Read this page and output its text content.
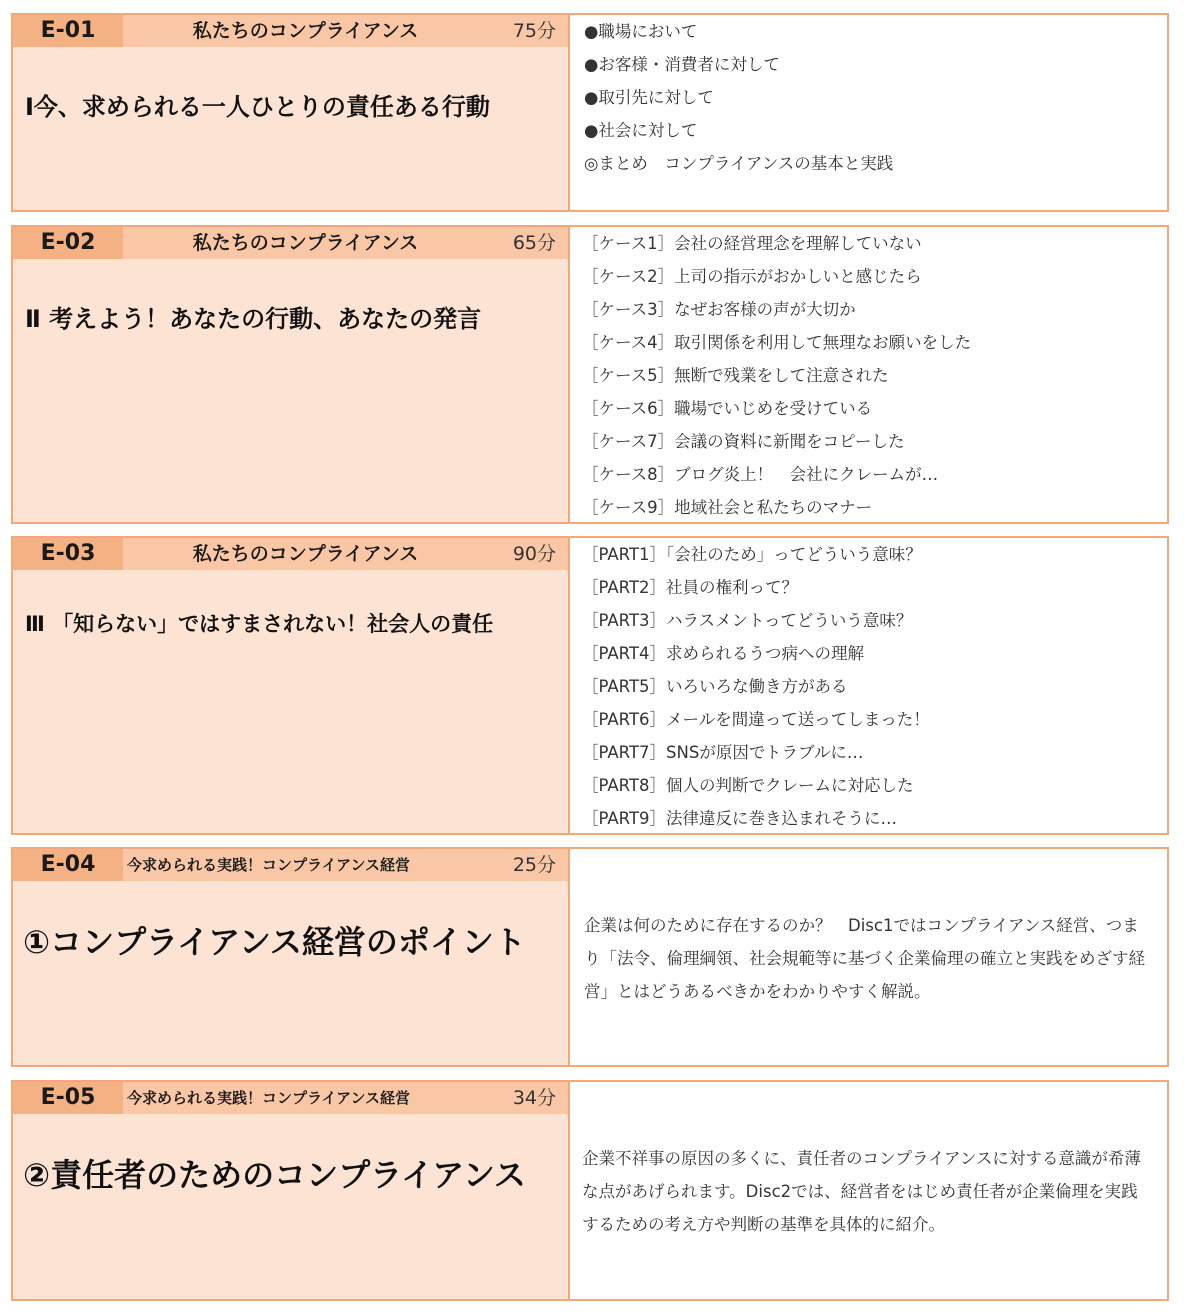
E-01	私たちのコンプライアンス	75分
Ⅰ今、求められる一人ひとりの責任ある行動
●職場において
●お客様・消費者に対して
●取引先に対して
●社会に対して
◎まとめ　コンプライアンスの基本と実践
E-02	私たちのコンプライアンス	65分
Ⅱ 考えよう！あなたの行動、あなたの発言
［ケース1］会社の経営理念を理解していない
［ケース2］上司の指示がおかしいと感じたら
［ケース3］なぜお客様の声が大切か
［ケース4］取引関係を利用して無理なお願いをした
［ケース5］無断で残業をして注意された
［ケース6］職場でいじめを受けている
［ケース7］会議の資料に新聞をコピーした
［ケース8］ブログ炎上！　会社にクレームが…
［ケース9］地域社会と私たちのマナー
E-03	私たちのコンプライアンス	90分
Ⅲ 「知らない」ではすまされない！社会人の責任
［PART1］「会社のため」ってどういう意味？
［PART2］社員の権利って？
［PART3］ハラスメントってどういう意味？
［PART4］求められるうつ病への理解
［PART5］いろいろな働き方がある
［PART6］メールを間違って送ってしまった！
［PART7］SNSが原因でトラブルに…
［PART8］個人の判断でクレームに対応した
［PART9］法律違反に巻き込まれそうに…
E-04	今求められる実践！コンプライアンス経営	25分
①コンプライアンス経営のポイント	企業は何のために存在するのか？　Disc1ではコンプライアンス経営、つまり「法令、倫理綱領、社会規範等に基づく企業倫理の確立と実践をめざす経営」とはどうあるべきかをわかりやすく解説。
E-05	今求められる実践！コンプライアンス経営	34分
②責任者のためのコンプライアンス	企業不祥事の原因の多くに、責任者のコンプライアンスに対する意識が希薄な点があげられます。Disc2では、経営者をはじめ責任者が企業倫理を実践するための考え方や判断の基準を具体的に紹介。
